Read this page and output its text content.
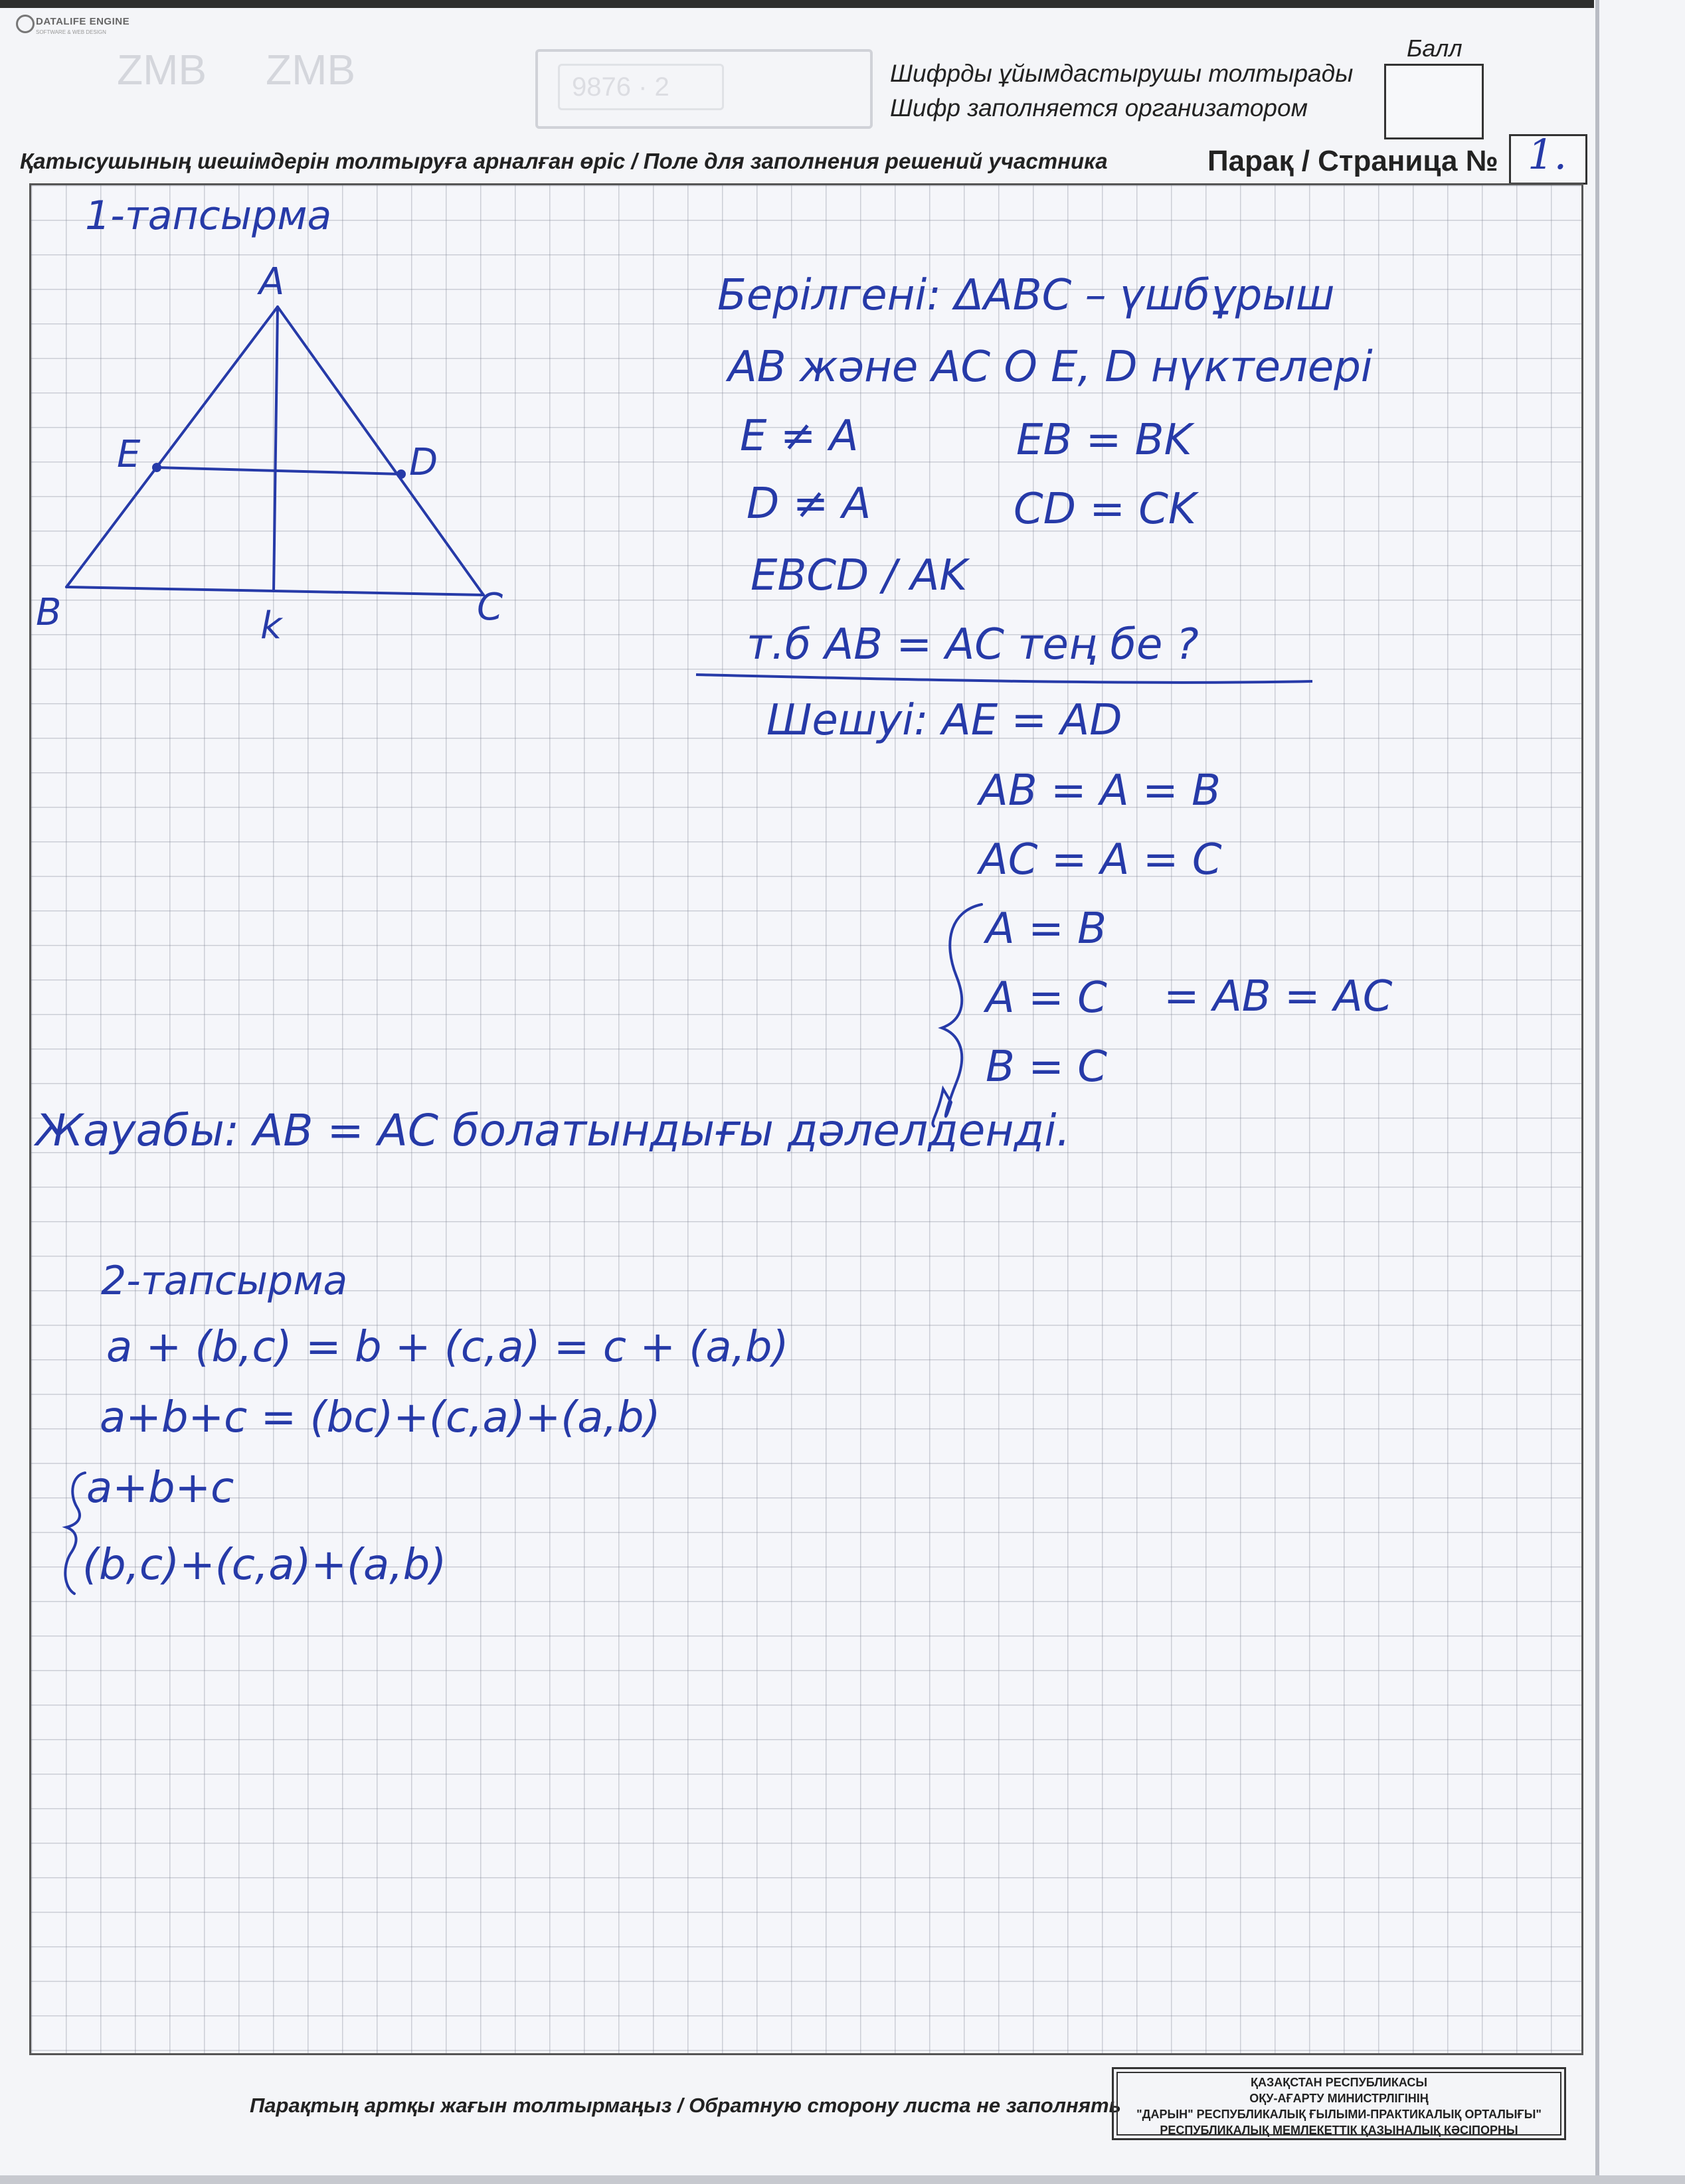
DATALIFE ENGINE
SOFTWARE & WEB DESIGN
ZMB ZMB	9876 · 2	Шифрды ұйымдастырушы толтырады
Шифр заполняется организатором
Балл
Қатысушының шешімдерін толтыруға арналған өріс / Поле для заполнения решений участника	Парақ / Страница № 1.
1-тапсырма
A
B	C
E	D
k
Берілгені: ΔABC – үшбұрыш
AB және AC O E, D нүктелері
E ≠ A	EB = BK
D ≠ A	CD = CK
EBCD / AK
т.б AB = AC тең бе ?
Шешуі: AE = AD
AB = A = B
AC = A = C
A = B
A = C
B = C
= AB = AC
Жауабы: AB = AC болатындығы дәлелденді.
2-тапсырма
a + (b,c) = b + (c,a) = c + (a,b)
a+b+c = (bc)+(c,a)+(a,b)
a+b+c
(b,c)+(c,a)+(a,b)
Парақтың артқы жағын толтырмаңыз / Обратную сторону листа не заполнять
ҚАЗАҚСТАН РЕСПУБЛИКАСЫ
ОҚУ-АҒАРТУ МИНИСТРЛІГІНІҢ
"ДАРЫН" РЕСПУБЛИКАЛЫҚ ҒЫЛЫМИ-ПРАКТИКАЛЫҚ ОРТАЛЫҒЫ"
РЕСПУБЛИКАЛЫҚ МЕМЛЕКЕТТІК ҚАЗЫНАЛЫҚ КӘСІПОРНЫ
